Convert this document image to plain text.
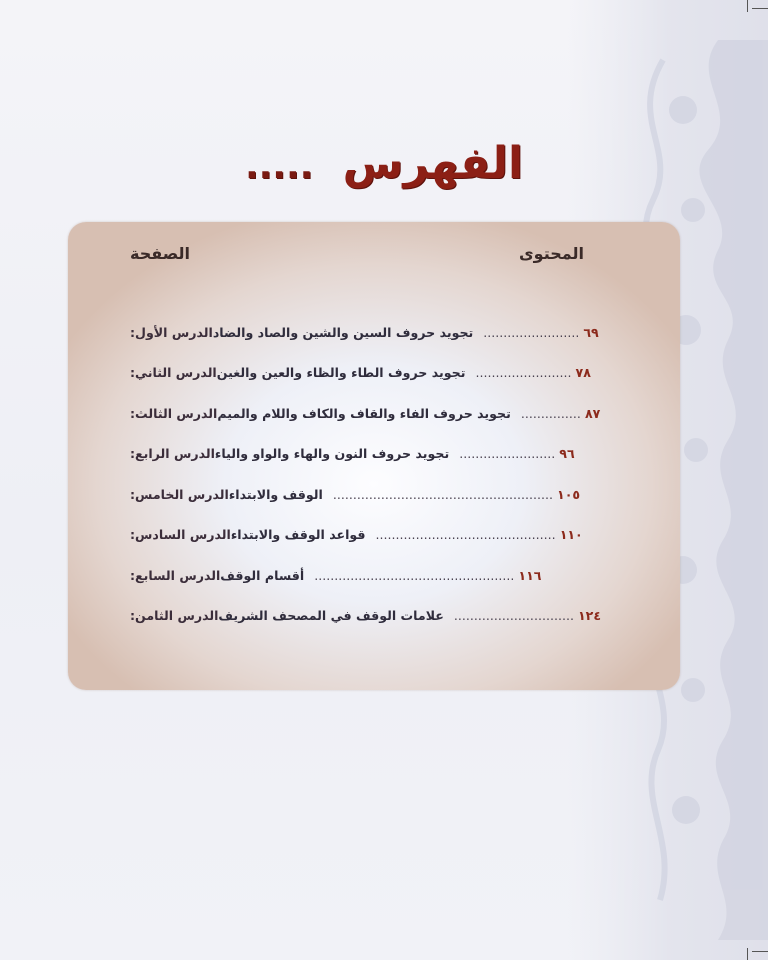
الفهرس .....
المحتوى
الصفحة
الدرس الأول: تجويد حروف السين والشين والصاد والضاد ........................ ٦٩
الدرس الثاني: تجويد حروف الطاء والظاء والعين والغين ........................ ٧٨
الدرس الثالث: تجويد حروف الفاء والقاف والكاف واللام والميم ............... ٨٧
الدرس الرابع: تجويد حروف النون والهاء والواو والياء ........................ ٩٦
الدرس الخامس: الوقف والابتداء ....................................................... ١٠٥
الدرس السادس: قواعد الوقف والابتداء ............................................. ١١٠
الدرس السابع: أقسام الوقف .................................................. ١١٦
الدرس الثامن: علامات الوقف في المصحف الشريف .............................. ١٢٤
